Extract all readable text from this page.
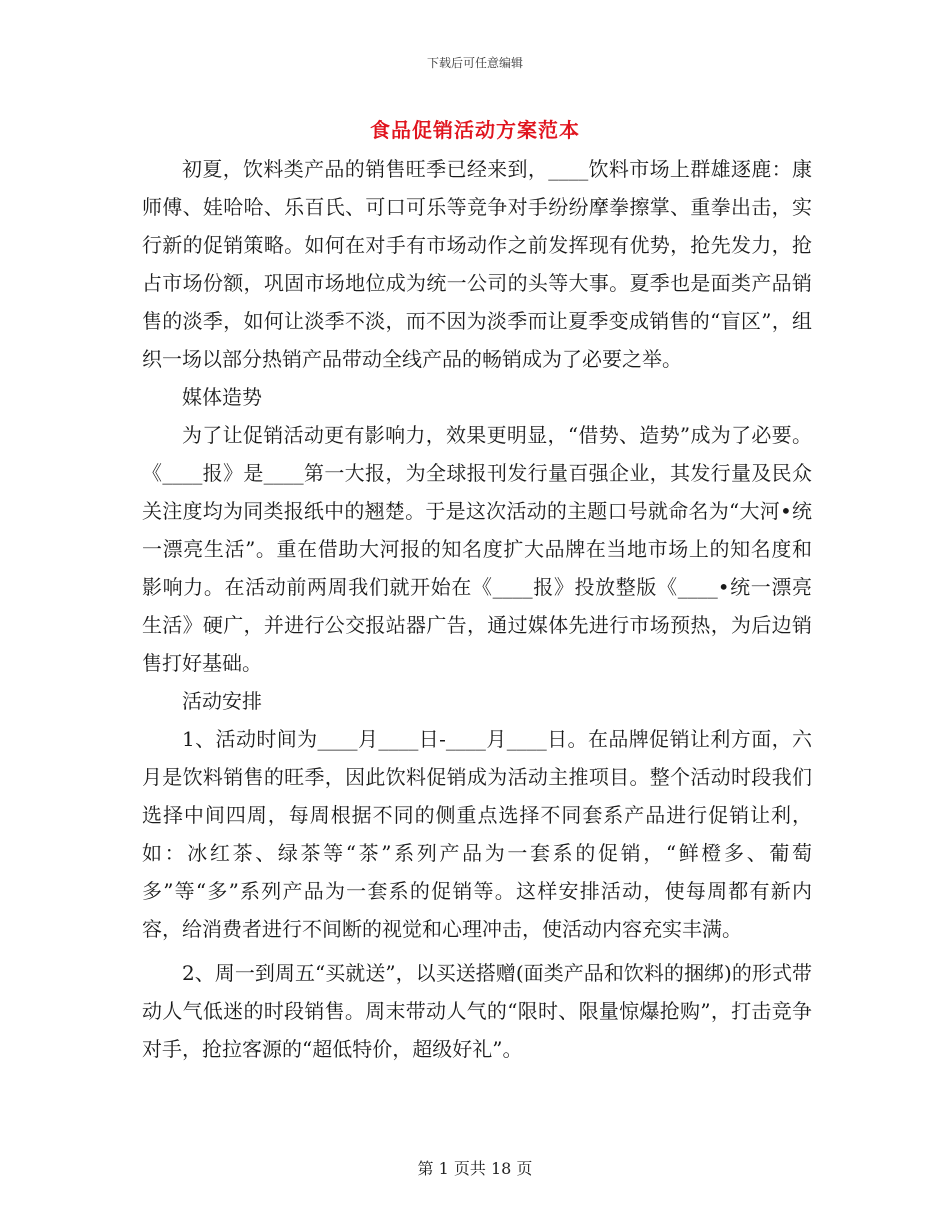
下载后可任意编辑
食品促销活动方案范本

初夏，饮料类产品的销售旺季已经来到，____饮料市场上群雄逐鹿：康师傅、娃哈哈、乐百氏、可口可乐等竞争对手纷纷摩拳擦掌、重拳出击，实行新的促销策略。如何在对手有市场动作之前发挥现有优势，抢先发力，抢占市场份额，巩固市场地位成为统一公司的头等大事。夏季也是面类产品销售的淡季，如何让淡季不淡，而不因为淡季而让夏季变成销售的“盲区”，组织一场以部分热销产品带动全线产品的畅销成为了必要之举。

媒体造势

为了让促销活动更有影响力，效果更明显，“借势、造势”成为了必要。《____报》是____第一大报，为全球报刊发行量百强企业，其发行量及民众关注度均为同类报纸中的翘楚。于是这次活动的主题口号就命名为“大河•统一漂亮生活”。重在借助大河报的知名度扩大品牌在当地市场上的知名度和影响力。在活动前两周我们就开始在《____报》投放整版《____•统一漂亮生活》硬广，并进行公交报站器广告，通过媒体先进行市场预热，为后边销售打好基础。

活动安排

1、活动时间为____月____日-____月____日。在品牌促销让利方面，六月是饮料销售的旺季，因此饮料促销成为活动主推项目。整个活动时段我们选择中间四周，每周根据不同的侧重点选择不同套系产品进行促销让利，如：冰红茶、绿茶等“茶”系列产品为一套系的促销，“鲜橙多、葡萄多”等“多”系列产品为一套系的促销等。这样安排活动，使每周都有新内容，给消费者进行不间断的视觉和心理冲击，使活动内容充实丰满。

2、周一到周五“买就送”，以买送搭赠(面类产品和饮料的捆绑)的形式带动人气低迷的时段销售。周末带动人气的“限时、限量惊爆抢购”，打击竞争对手，抢拉客源的“超低特价，超级好礼”。

第 1 页共 18 页
